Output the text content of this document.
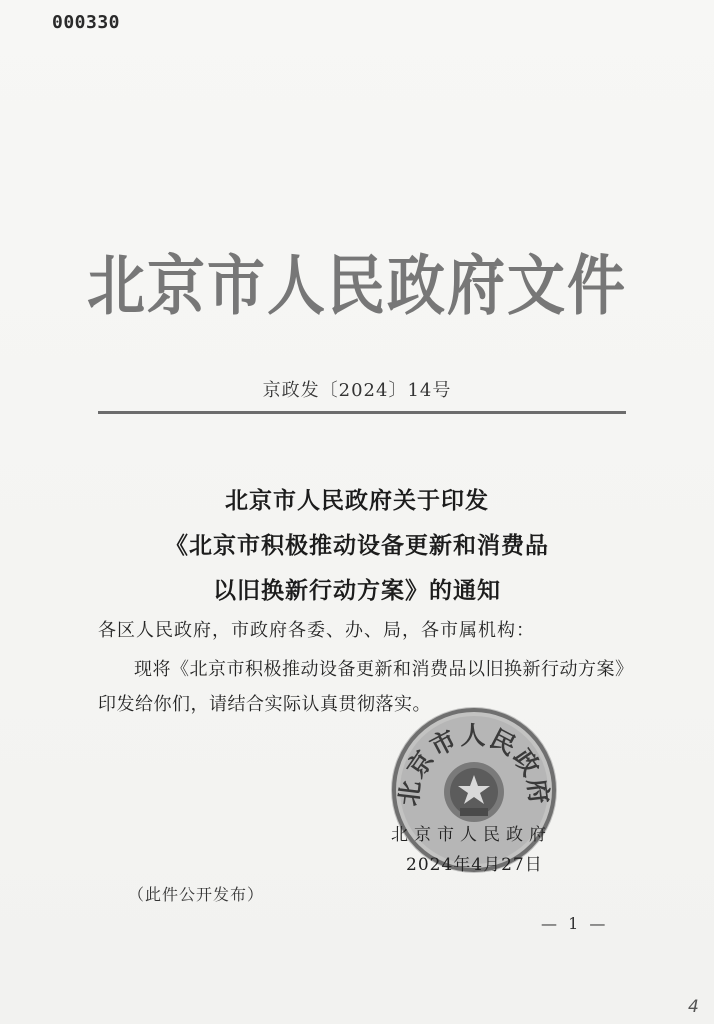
000330
北京市人民政府文件
京政发〔2024〕14号
北京市人民政府关于印发
《北京市积极推动设备更新和消费品
以旧换新行动方案》的通知
各区人民政府，市政府各委、办、局，各市属机构：
现将《北京市积极推动设备更新和消费品以旧换新行动方案》
印发给你们，请结合实际认真贯彻落实。
北京市人民政府
北京市人民政府
2024年4月27日
（此件公开发布）
— 1 —
4
